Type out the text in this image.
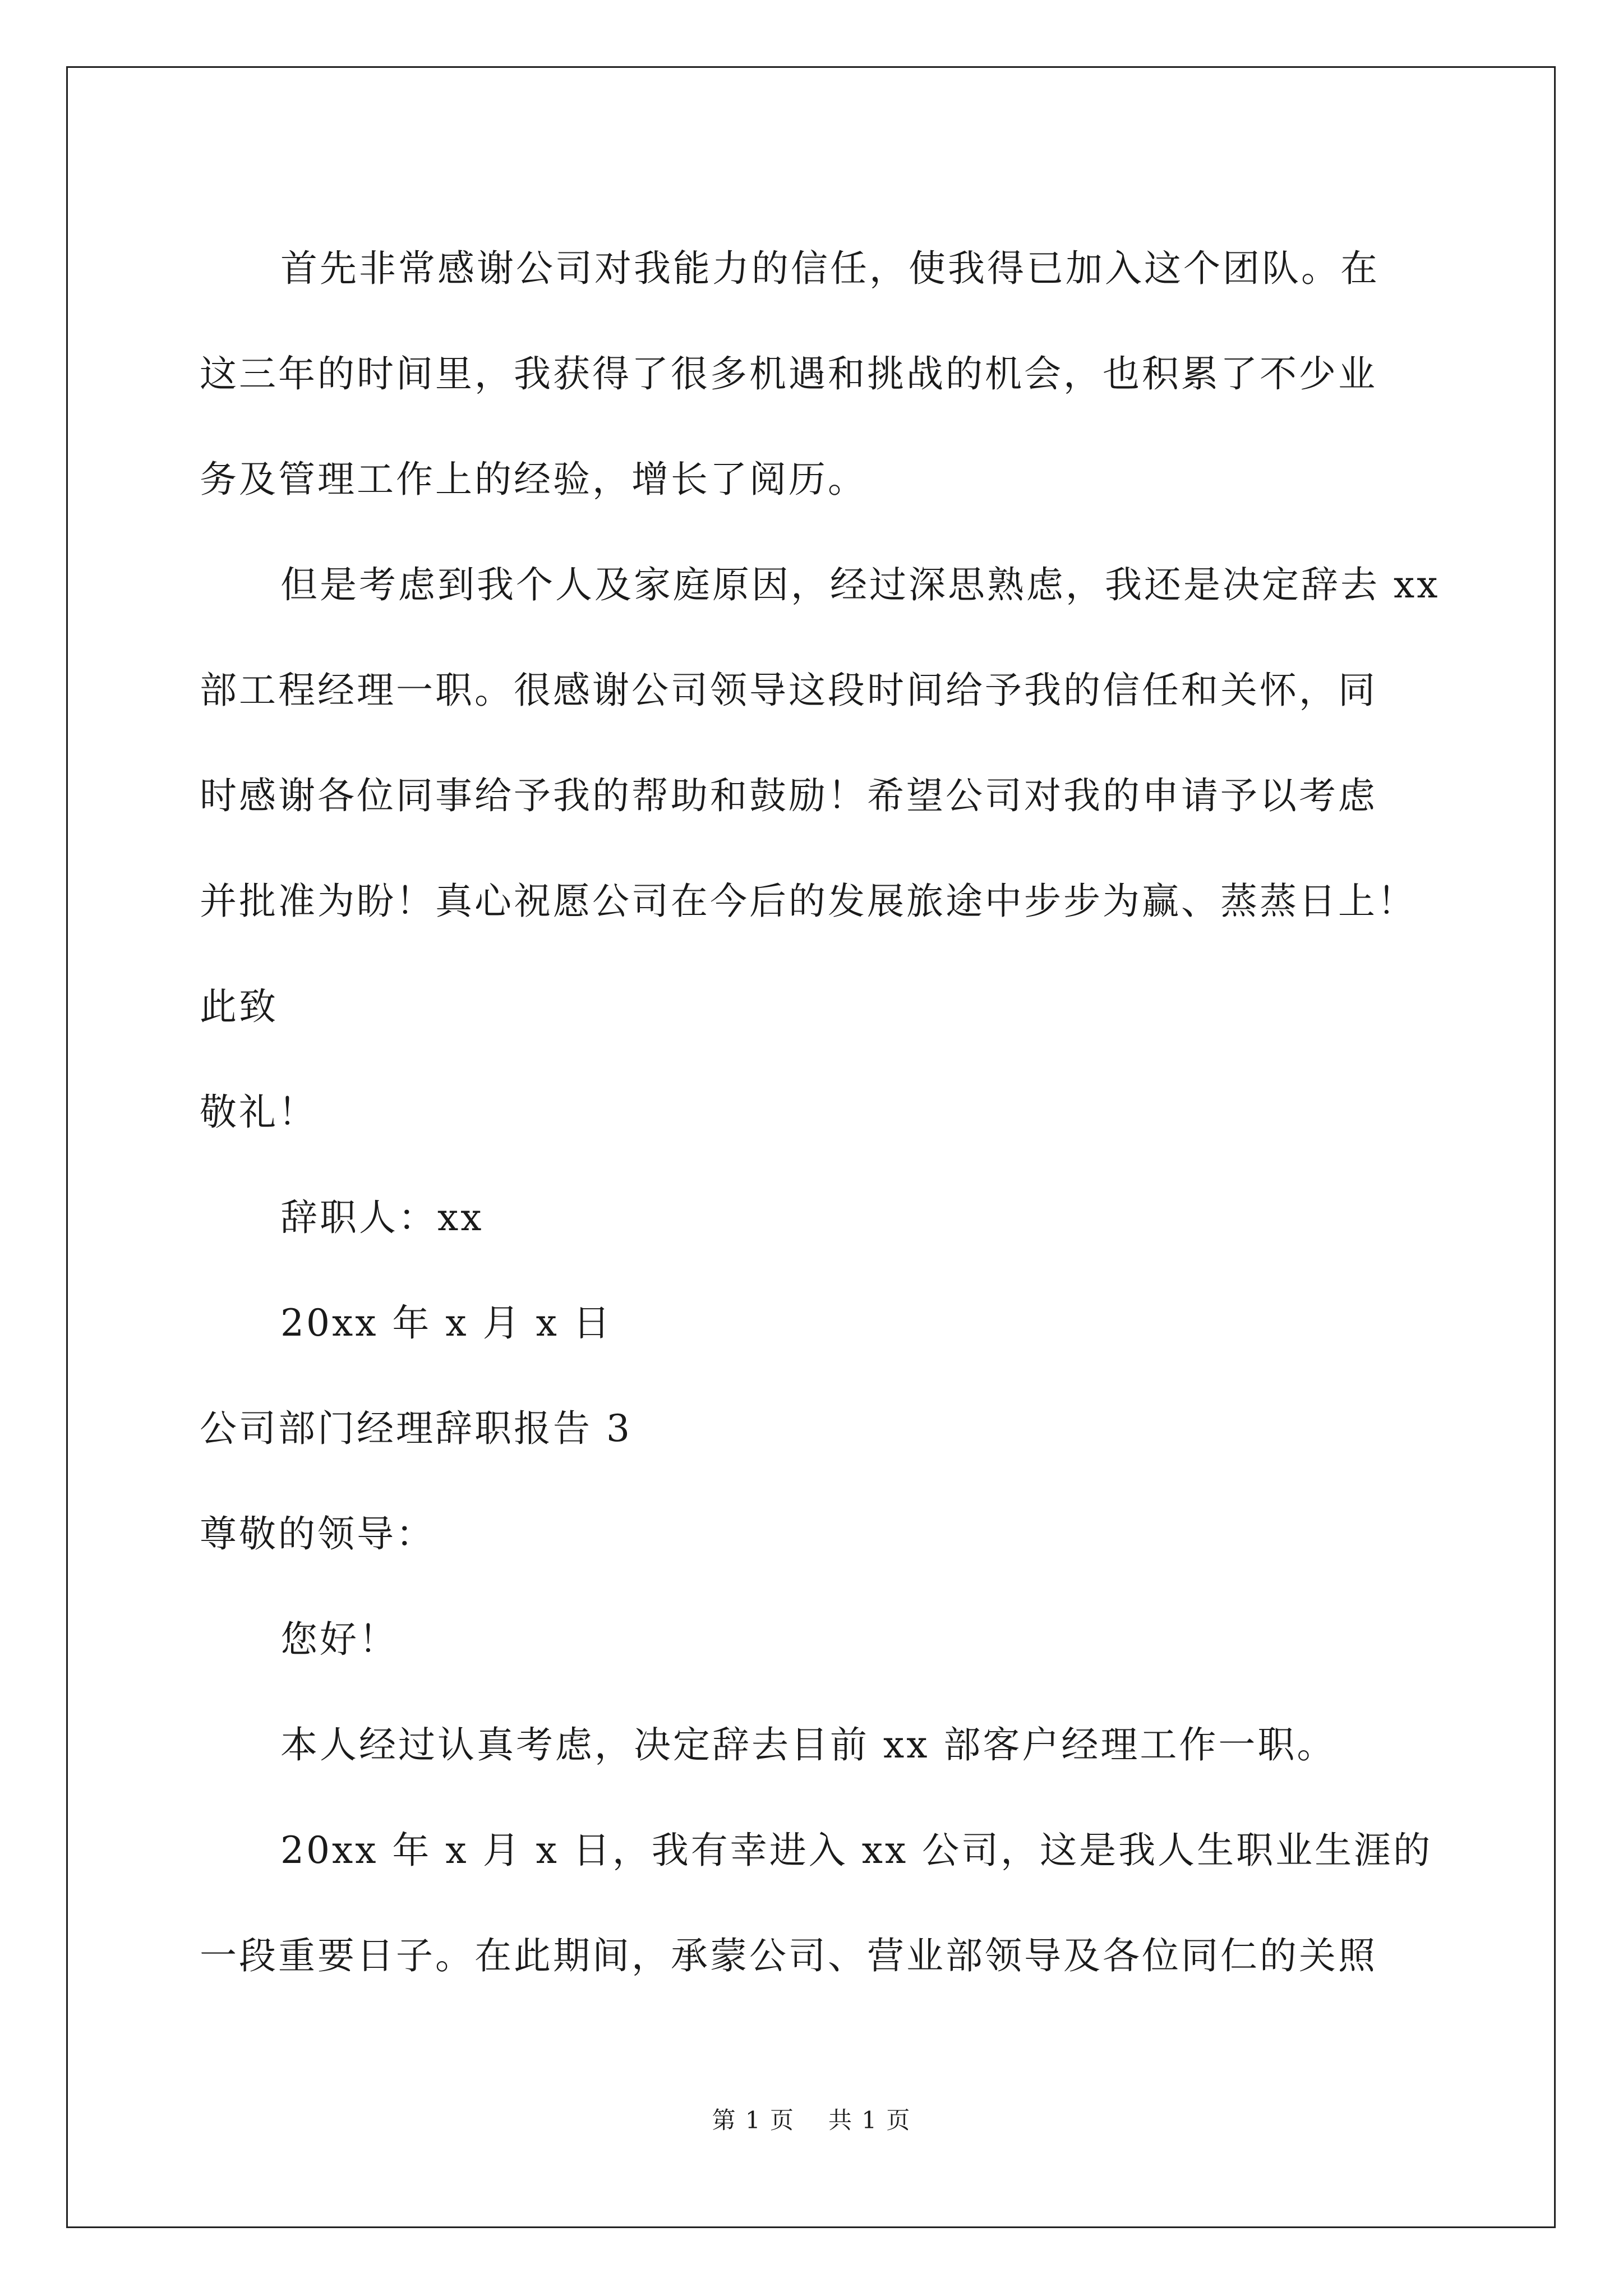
首先非常感谢公司对我能力的信任，使我得已加入这个团队。在
这三年的时间里，我获得了很多机遇和挑战的机会，也积累了不少业
务及管理工作上的经验，增长了阅历。
但是考虑到我个人及家庭原因，经过深思熟虑，我还是决定辞去 xx
部工程经理一职。很感谢公司领导这段时间给予我的信任和关怀，同
时感谢各位同事给予我的帮助和鼓励！希望公司对我的申请予以考虑
并批准为盼！真心祝愿公司在今后的发展旅途中步步为赢、蒸蒸日上！
此致
敬礼！
辞职人：xx
20xx 年 x 月 x 日
公司部门经理辞职报告 3
尊敬的领导：
您好！
本人经过认真考虑，决定辞去目前 xx 部客户经理工作一职。
20xx 年 x 月 x 日，我有幸进入 xx 公司，这是我人生职业生涯的
一段重要日子。在此期间，承蒙公司、营业部领导及各位同仁的关照
第 1 页 共 1 页
